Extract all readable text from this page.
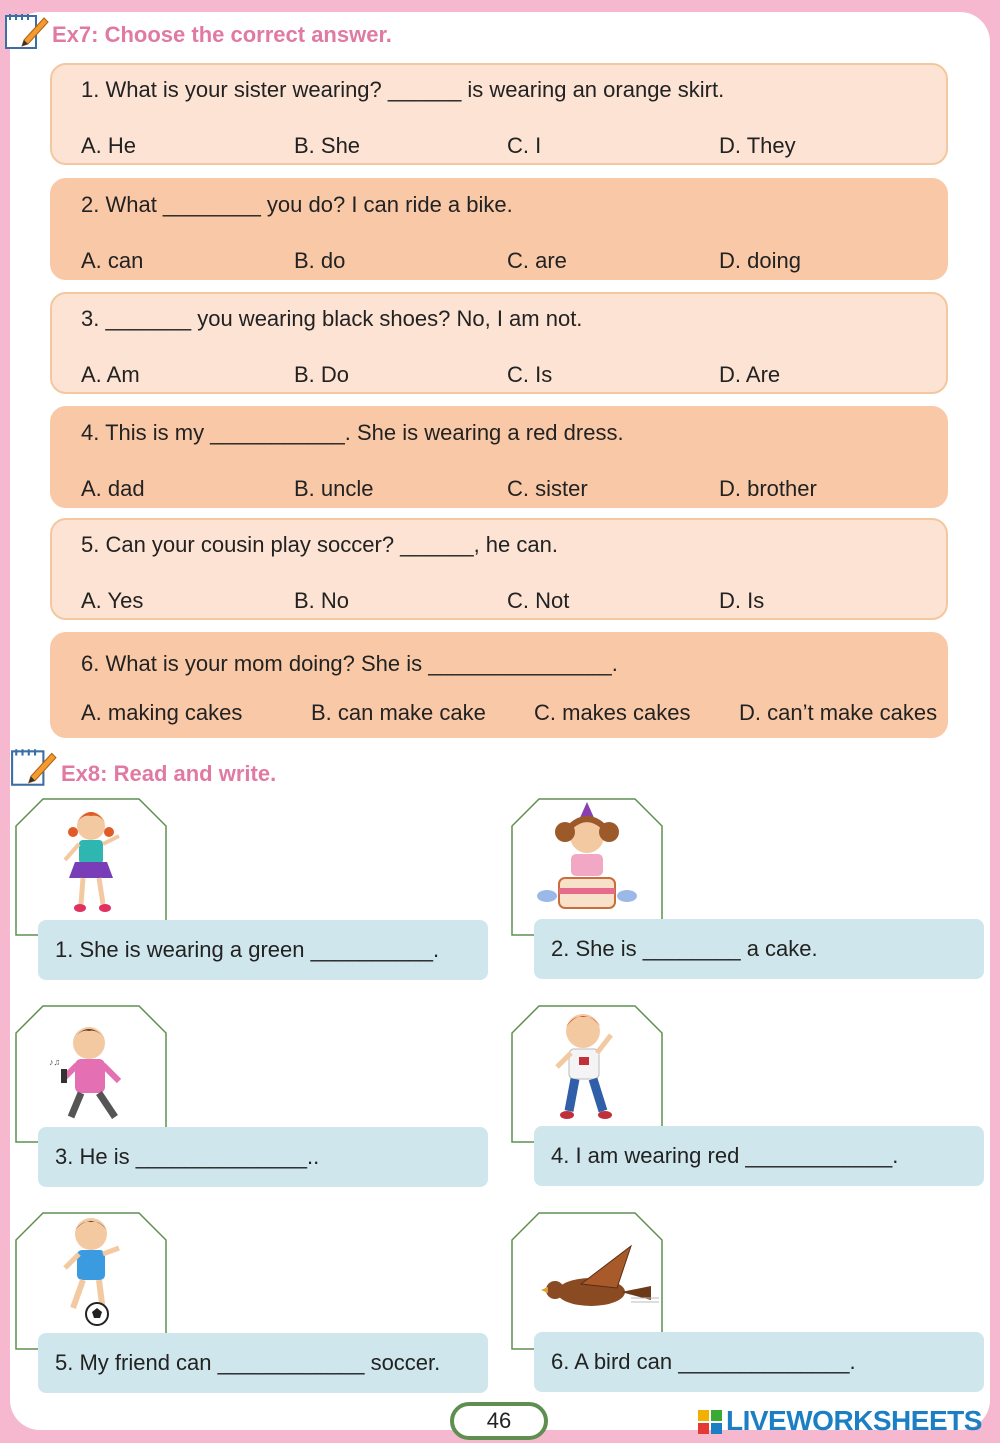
Ex7: Choose the correct answer.
1. What is your sister wearing? ______ is wearing an orange skirt.
A. He	B. She	C. I	D. They
2. What ________ you do? I can ride a bike.
A. can	B. do	C. are	D. doing
3. _______ you wearing black shoes? No, I am not.
A. Am	B. Do	C. Is	D. Are
4. This is my ___________. She is wearing a red dress.
A. dad	B. uncle	C. sister	D. brother
5. Can your cousin play soccer? ______, he can.
A. Yes	B. No	C. Not	D. Is
6. What is your mom doing? She is _______________.
A. making cakes	B. can make cake C. makes cakes D. can’t make cakes
Ex8: Read and write.
1. She is wearing a green __________.	2. She is ________ a cake.
♪♫
3. He is ______________..	4. I am wearing red ____________.
5. My friend can ____________ soccer.	6. A bird can ______________.
46	LIVEWORKSHEETS
